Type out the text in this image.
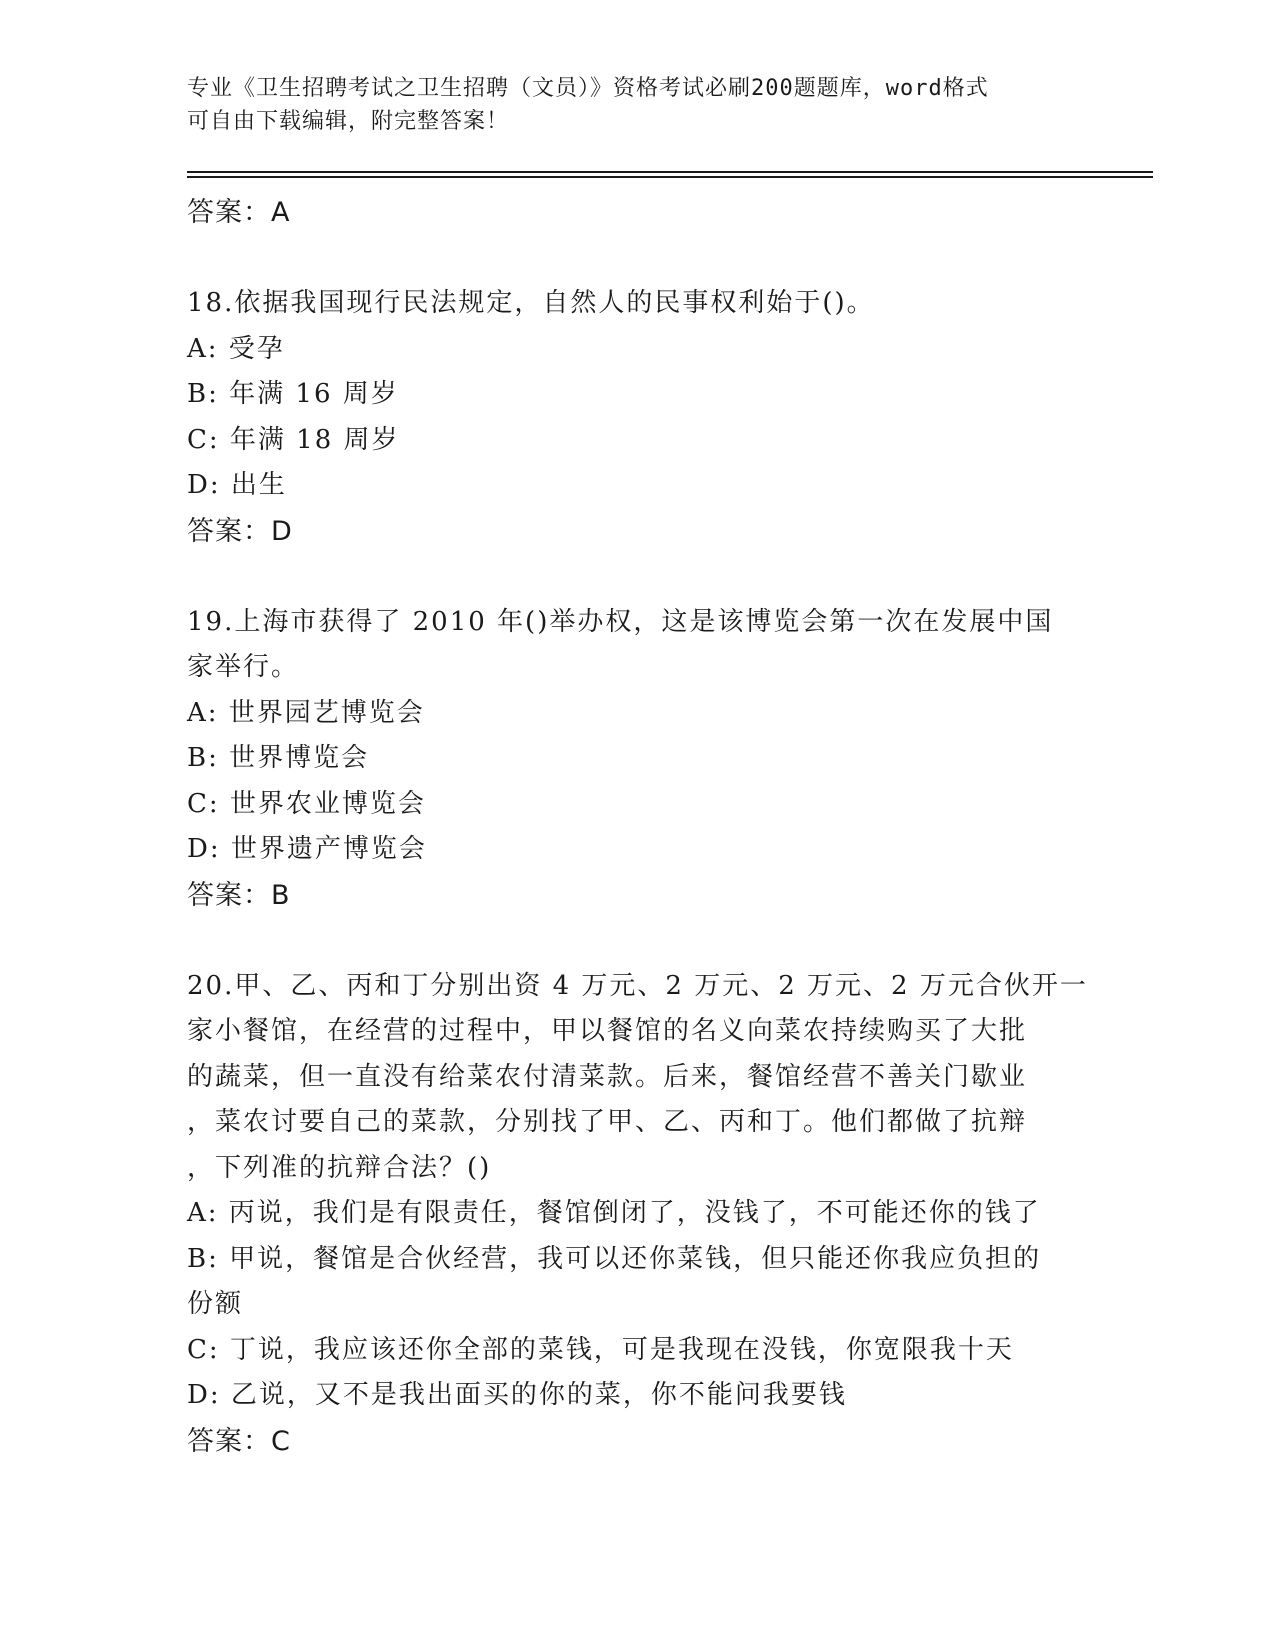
专业《卫生招聘考试之卫生招聘（文员）》资格考试必刷200题题库，word格式
可自由下载编辑，附完整答案！
答案：A
18.依据我国现行民法规定，自然人的民事权利始于()。
A: 受孕
B: 年满 16 周岁
C: 年满 18 周岁
D: 出生
答案：D
19.上海市获得了 2010 年()举办权，这是该博览会第一次在发展中国
家举行。
A: 世界园艺博览会
B: 世界博览会
C: 世界农业博览会
D: 世界遗产博览会
答案：B
20.甲、乙、丙和丁分别出资 4 万元、2 万元、2 万元、2 万元合伙开一
家小餐馆，在经营的过程中，甲以餐馆的名义向菜农持续购买了大批
的蔬菜，但一直没有给菜农付清菜款。后来，餐馆经营不善关门歇业
，菜农讨要自己的菜款，分别找了甲、乙、丙和丁。他们都做了抗辩
，下列准的抗辩合法？()
A: 丙说，我们是有限责任，餐馆倒闭了，没钱了，不可能还你的钱了
B: 甲说，餐馆是合伙经营，我可以还你菜钱，但只能还你我应负担的
份额
C: 丁说，我应该还你全部的菜钱，可是我现在没钱，你宽限我十天
D: 乙说，又不是我出面买的你的菜，你不能问我要钱
答案：C
